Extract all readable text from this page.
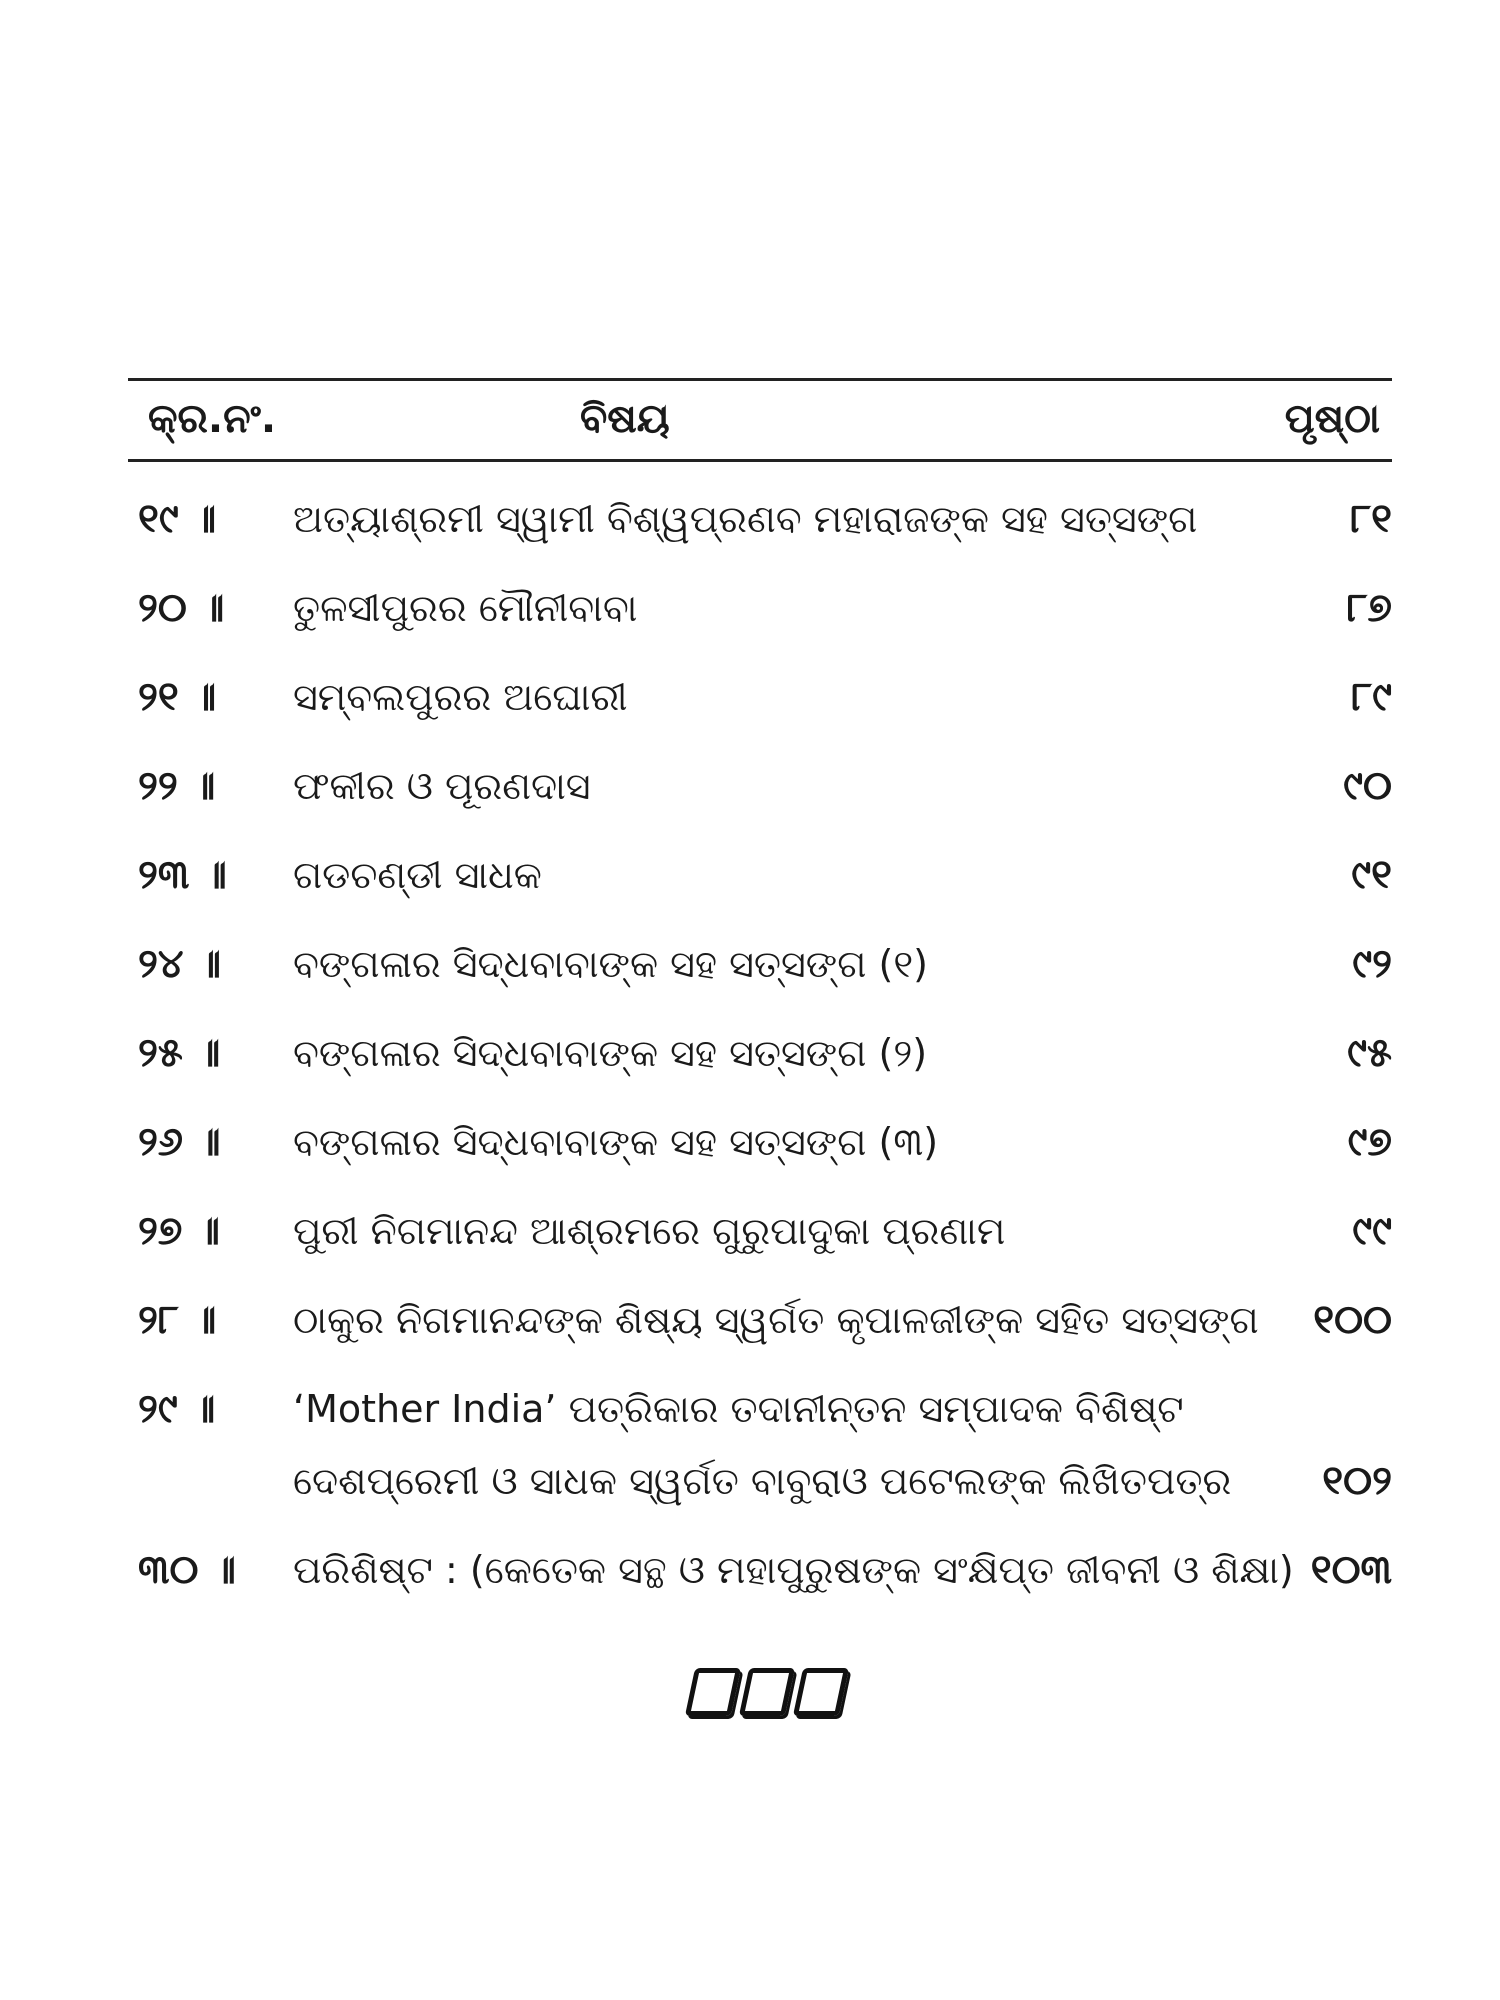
କ୍ର.ନଂ.	ବିଷୟ	ପୃଷ୍ଠା
୧୯ ॥	ଅତ୍ୟାଶ୍ରମୀ ସ୍ୱାମୀ ବିଶ୍ୱପ୍ରଣବ ମହାରାଜଙ୍କ ସହ ସତ୍‌ସଙ୍ଗ	୮୧
୨୦ ॥	ତୁଳସୀପୁରର ମୌନୀବାବା	୮୭
୨୧ ॥	ସମ୍ବଲପୁରର ଅଘୋରୀ	୮୯
୨୨ ॥	ଫକୀର ଓ ପୂରଣଦାସ	୯୦
୨୩ ॥	ଗଡଚଣ୍ଡୀ ସାଧକ	୯୧
୨୪ ॥	ବଙ୍ଗଳାର ସିଦ୍ଧବାବାଙ୍କ ସହ ସତ୍‌ସଙ୍ଗ (୧)	୯୨
୨୫ ॥	ବଙ୍ଗଳାର ସିଦ୍ଧବାବାଙ୍କ ସହ ସତ୍‌ସଙ୍ଗ (୨)	୯୫
୨୬ ॥	ବଙ୍ଗଳାର ସିଦ୍ଧବାବାଙ୍କ ସହ ସତ୍‌ସଙ୍ଗ (୩)	୯୭
୨୭ ॥	ପୁରୀ ନିଗମାନନ୍ଦ ଆଶ୍ରମରେ ଗୁରୁପାଦୁକା ପ୍ରଣାମ	୯୯
୨୮ ॥	ଠାକୁର ନିଗମାନନ୍ଦଙ୍କ ଶିଷ୍ୟ ସ୍ୱର୍ଗତ କୃପାଳଜୀଙ୍କ ସହିତ ସତ୍‌ସଙ୍ଗ	୧୦୦
୨୯ ॥	‘Mother India’ ପତ୍ରିକାର ତଦାନୀନ୍ତନ ସମ୍ପାଦକ ବିଶିଷ୍ଟ
ଦେଶପ୍ରେମୀ ଓ ସାଧକ ସ୍ୱର୍ଗତ ବାବୁରାଓ ପଟେଲଙ୍କ ଲିଖିତପତ୍ର	୧୦୨
୩୦ ॥	ପରିଶିଷ୍ଟ : (କେତେକ ସନ୍ଥ ଓ ମହାପୁରୁଷଙ୍କ ସଂକ୍ଷିପ୍ତ ଜୀବନୀ ଓ ଶିକ୍ଷା) ୧୦୩
